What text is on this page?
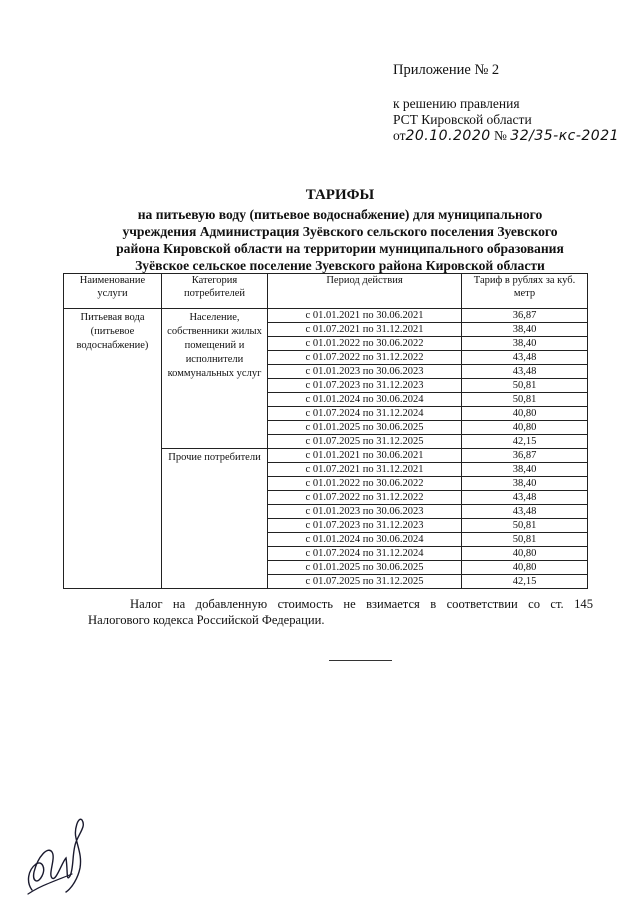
Приложение № 2
к решению правления
РСТ Кировской области
от20.10.2020 № 32/35-кс-2021
ТАРИФЫ
на питьевую воду (питьевое водоснабжение) для муниципального
учреждения Администрация Зуёвского сельского поселения Зуевского
района Кировской области на территории муниципального образования
Зуёвское сельское поселение Зуевского района Кировской области
Наименование услуги	Категория потребителей	Период действия	Тариф в рублях за куб. метр
Питьевая вода (питьевое водоснабжение)	Население, собственники жилых помещений и исполнители коммунальных услуг	с 01.01.2021 по 30.06.2021	36,87
		с 01.07.2021 по 31.12.2021	38,40
		с 01.01.2022 по 30.06.2022	38,40
		с 01.07.2022 по 31.12.2022	43,48
		с 01.01.2023 по 30.06.2023	43,48
		с 01.07.2023 по 31.12.2023	50,81
		с 01.01.2024 по 30.06.2024	50,81
		с 01.07.2024 по 31.12.2024	40,80
		с 01.01.2025 по 30.06.2025	40,80
		с 01.07.2025 по 31.12.2025	42,15
	Прочие потребители	с 01.01.2021 по 30.06.2021	36,87
		с 01.07.2021 по 31.12.2021	38,40
		с 01.01.2022 по 30.06.2022	38,40
		с 01.07.2022 по 31.12.2022	43,48
		с 01.01.2023 по 30.06.2023	43,48
		с 01.07.2023 по 31.12.2023	50,81
		с 01.01.2024 по 30.06.2024	50,81
		с 01.07.2024 по 31.12.2024	40,80
		с 01.01.2025 по 30.06.2025	40,80
		с 01.07.2025 по 31.12.2025	42,15
Налог на добавленную стоимость не взимается в соответствии со ст. 145
Налогового кодекса Российской Федерации.
